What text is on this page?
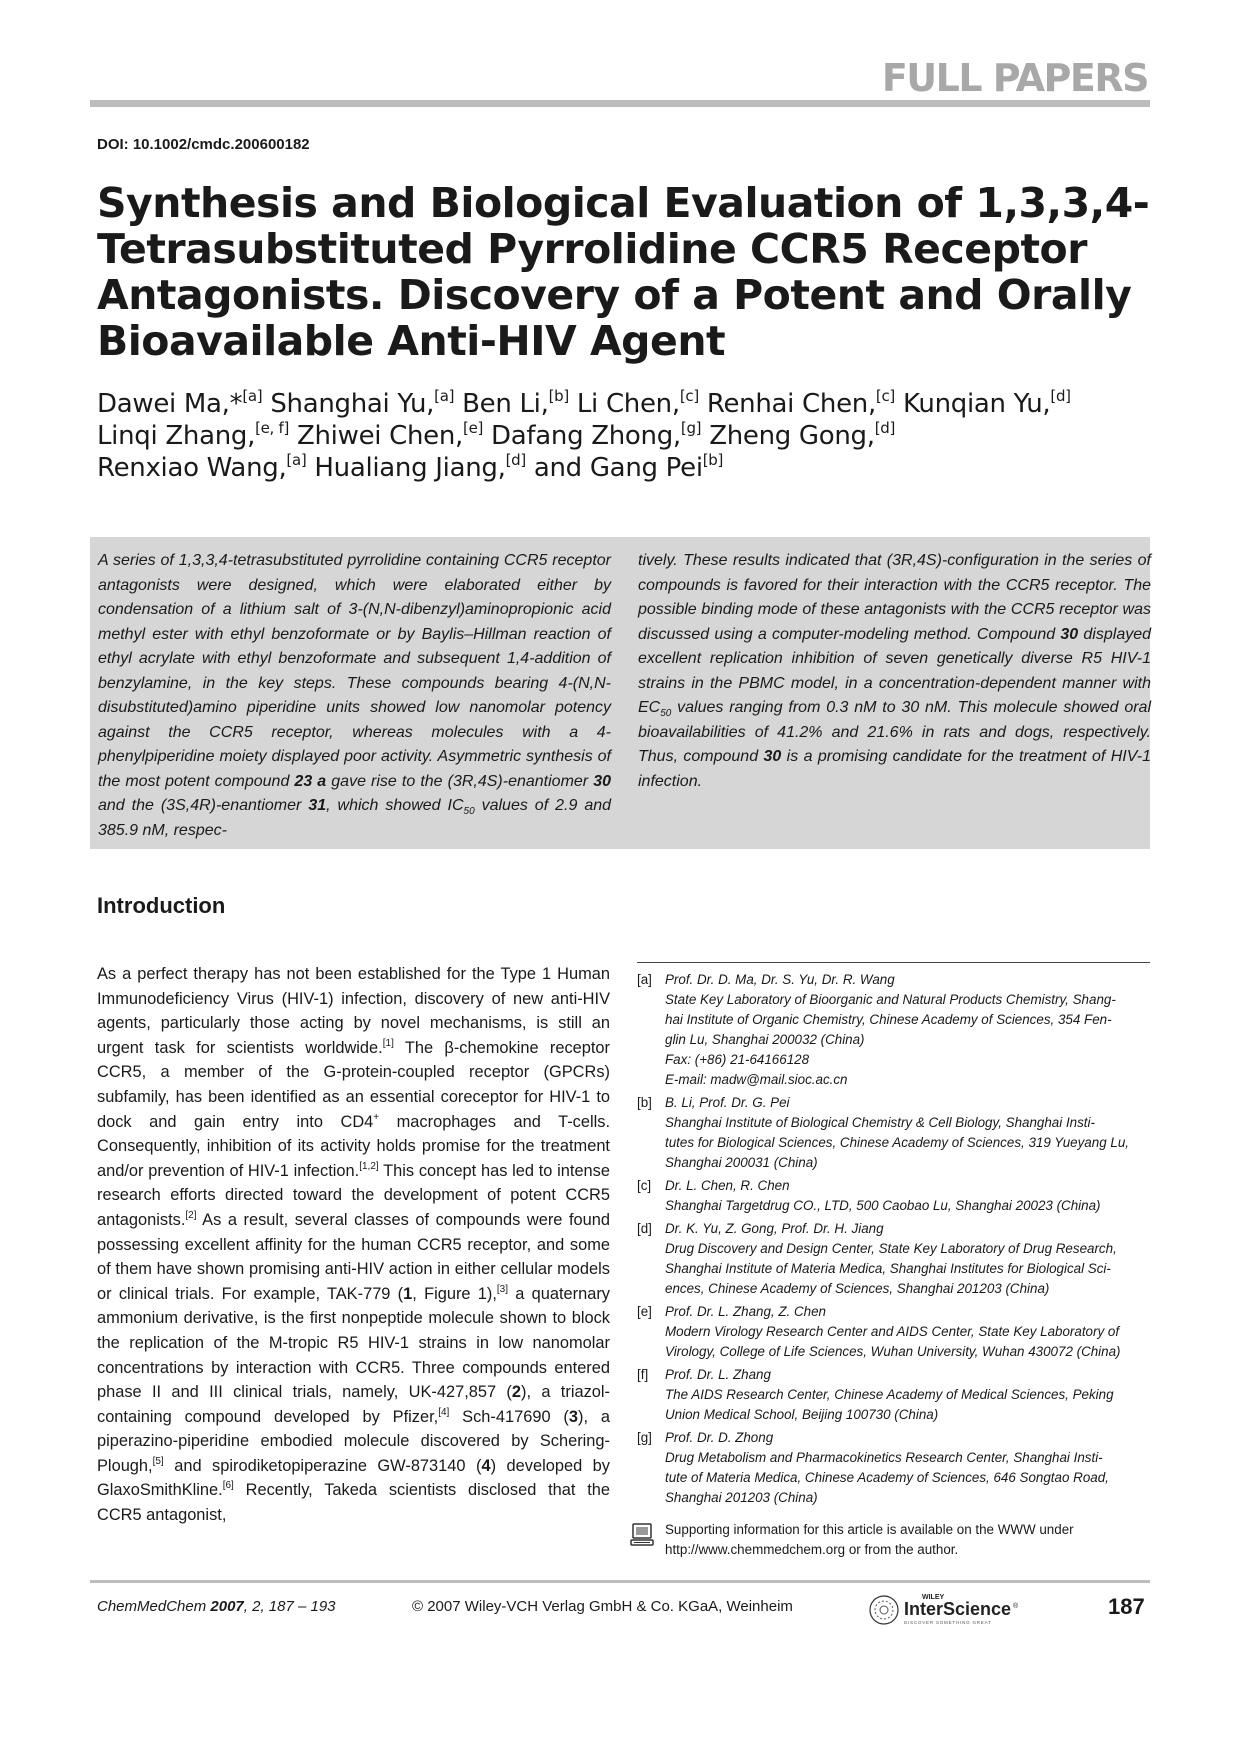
FULL PAPERS
DOI: 10.1002/cmdc.200600182
Synthesis and Biological Evaluation of 1,3,3,4-Tetrasubstituted Pyrrolidine CCR5 Receptor Antagonists. Discovery of a Potent and Orally Bioavailable Anti-HIV Agent
Dawei Ma,*[a] Shanghai Yu,[a] Ben Li,[b] Li Chen,[c] Renhai Chen,[c] Kunqian Yu,[d]
Linqi Zhang,[e, f] Zhiwei Chen,[e] Dafang Zhong,[g] Zheng Gong,[d]
Renxiao Wang,[a] Hualiang Jiang,[d] and Gang Pei[b]

A series of 1,3,3,4-tetrasubstituted pyrrolidine containing CCR5 receptor antagonists were designed, which were elaborated either by condensation of a lithium salt of 3-(N,N-dibenzyl)aminopropionic acid methyl ester with ethyl benzoformate or by Baylis–Hillman reaction of ethyl acrylate with ethyl benzoformate and subsequent 1,4-addition of benzylamine, in the key steps. These compounds bearing 4-(N,N-disubstituted)amino piperidine units showed low nanomolar potency against the CCR5 receptor, whereas molecules with a 4-phenylpiperidine moiety displayed poor activity. Asymmetric synthesis of the most potent compound 23 a gave rise to the (3R,4S)-enantiomer 30 and the (3S,4R)-enantiomer 31, which showed $IC_{50}$ values of 2.9 and 385.9 nM, respec-

tively. These results indicated that (3R,4S)-configuration in the series of compounds is favored for their interaction with the CCR5 receptor. The possible binding mode of these antagonists with the CCR5 receptor was discussed using a computer-modeling method. Compound 30 displayed excellent replication inhibition of seven genetically diverse R5 HIV-1 strains in the PBMC model, in a concentration-dependent manner with $EC_{50}$ values ranging from 0.3 nM to 30 nM. This molecule showed oral bioavailabilities of 41.2% and 21.6% in rats and dogs, respectively. Thus, compound 30 is a promising candidate for the treatment of HIV-1 infection.

Introduction

As a perfect therapy has not been established for the Type 1 Human Immunodeficiency Virus (HIV-1) infection, discovery of new anti-HIV agents, particularly those acting by novel mechanisms, is still an urgent task for scientists worldwide.[1] The β-chemokine receptor CCR5, a member of the G-protein-coupled receptor (GPCRs) subfamily, has been identified as an essential coreceptor for HIV-1 to dock and gain entry into CD4+ macrophages and T-cells. Consequently, inhibition of its activity holds promise for the treatment and/or prevention of HIV-1 infection.[1,2] This concept has led to intense research efforts directed toward the development of potent CCR5 antagonists.[2] As a result, several classes of compounds were found possessing excellent affinity for the human CCR5 receptor, and some of them have shown promising anti-HIV action in either cellular models or clinical trials. For example, TAK-779 (1, Figure 1),[3] a quaternary ammonium derivative, is the first nonpeptide molecule shown to block the replication of the M-tropic R5 HIV-1 strains in low nanomolar concentrations by interaction with CCR5. Three compounds entered phase II and III clinical trials, namely, UK-427,857 (2), a triazol-containing compound developed by Pfizer,[4] Sch-417690 (3), a piperazino-piperidine embodied molecule discovered by Schering-Plough,[5] and spirodiketopiperazine GW-873140 (4) developed by GlaxoSmithKline.[6] Recently, Takeda scientists disclosed that the CCR5 antagonist,

[a] Prof. Dr. D. Ma, Dr. S. Yu, Dr. R. Wang
State Key Laboratory of Bioorganic and Natural Products Chemistry, Shang-
hai Institute of Organic Chemistry, Chinese Academy of Sciences, 354 Fen-
glin Lu, Shanghai 200032 (China)
Fax: (+86) 21-64166128
E-mail: madw@mail.sioc.ac.cn
[b] B. Li, Prof. Dr. G. Pei
Shanghai Institute of Biological Chemistry & Cell Biology, Shanghai Insti-
tutes for Biological Sciences, Chinese Academy of Sciences, 319 Yueyang Lu,
Shanghai 200031 (China)
[c]	Dr. L. Chen, R. Chen
Shanghai Targetdrug CO., LTD, 500 Caobao Lu, Shanghai 20023 (China)
[d] Dr. K. Yu, Z. Gong, Prof. Dr. H. Jiang
Drug Discovery and Design Center, State Key Laboratory of Drug Research,
Shanghai Institute of Materia Medica, Shanghai Institutes for Biological Sci-
ences, Chinese Academy of Sciences, Shanghai 201203 (China)
[e] Prof. Dr. L. Zhang, Z. Chen
Modern Virology Research Center and AIDS Center, State Key Laboratory of
Virology, College of Life Sciences, Wuhan University, Wuhan 430072 (China)
[f]	Prof. Dr. L. Zhang
The AIDS Research Center, Chinese Academy of Medical Sciences, Peking
Union Medical School, Beijing 100730 (China)
[g] Prof. Dr. D. Zhong
Drug Metabolism and Pharmacokinetics Research Center, Shanghai Insti-
tute of Materia Medica, Chinese Academy of Sciences, 646 Songtao Road,
Shanghai 201203 (China)
Supporting information for this article is available on the WWW under http://www.chemmedchem.org or from the author.
ChemMedChem 2007, 2, 187 – 193	© 2007 Wiley-VCH Verlag GmbH & Co. KGaA, Weinheim
WILEY
InterScience ®
DISCOVER SOMETHING GREAT
187
